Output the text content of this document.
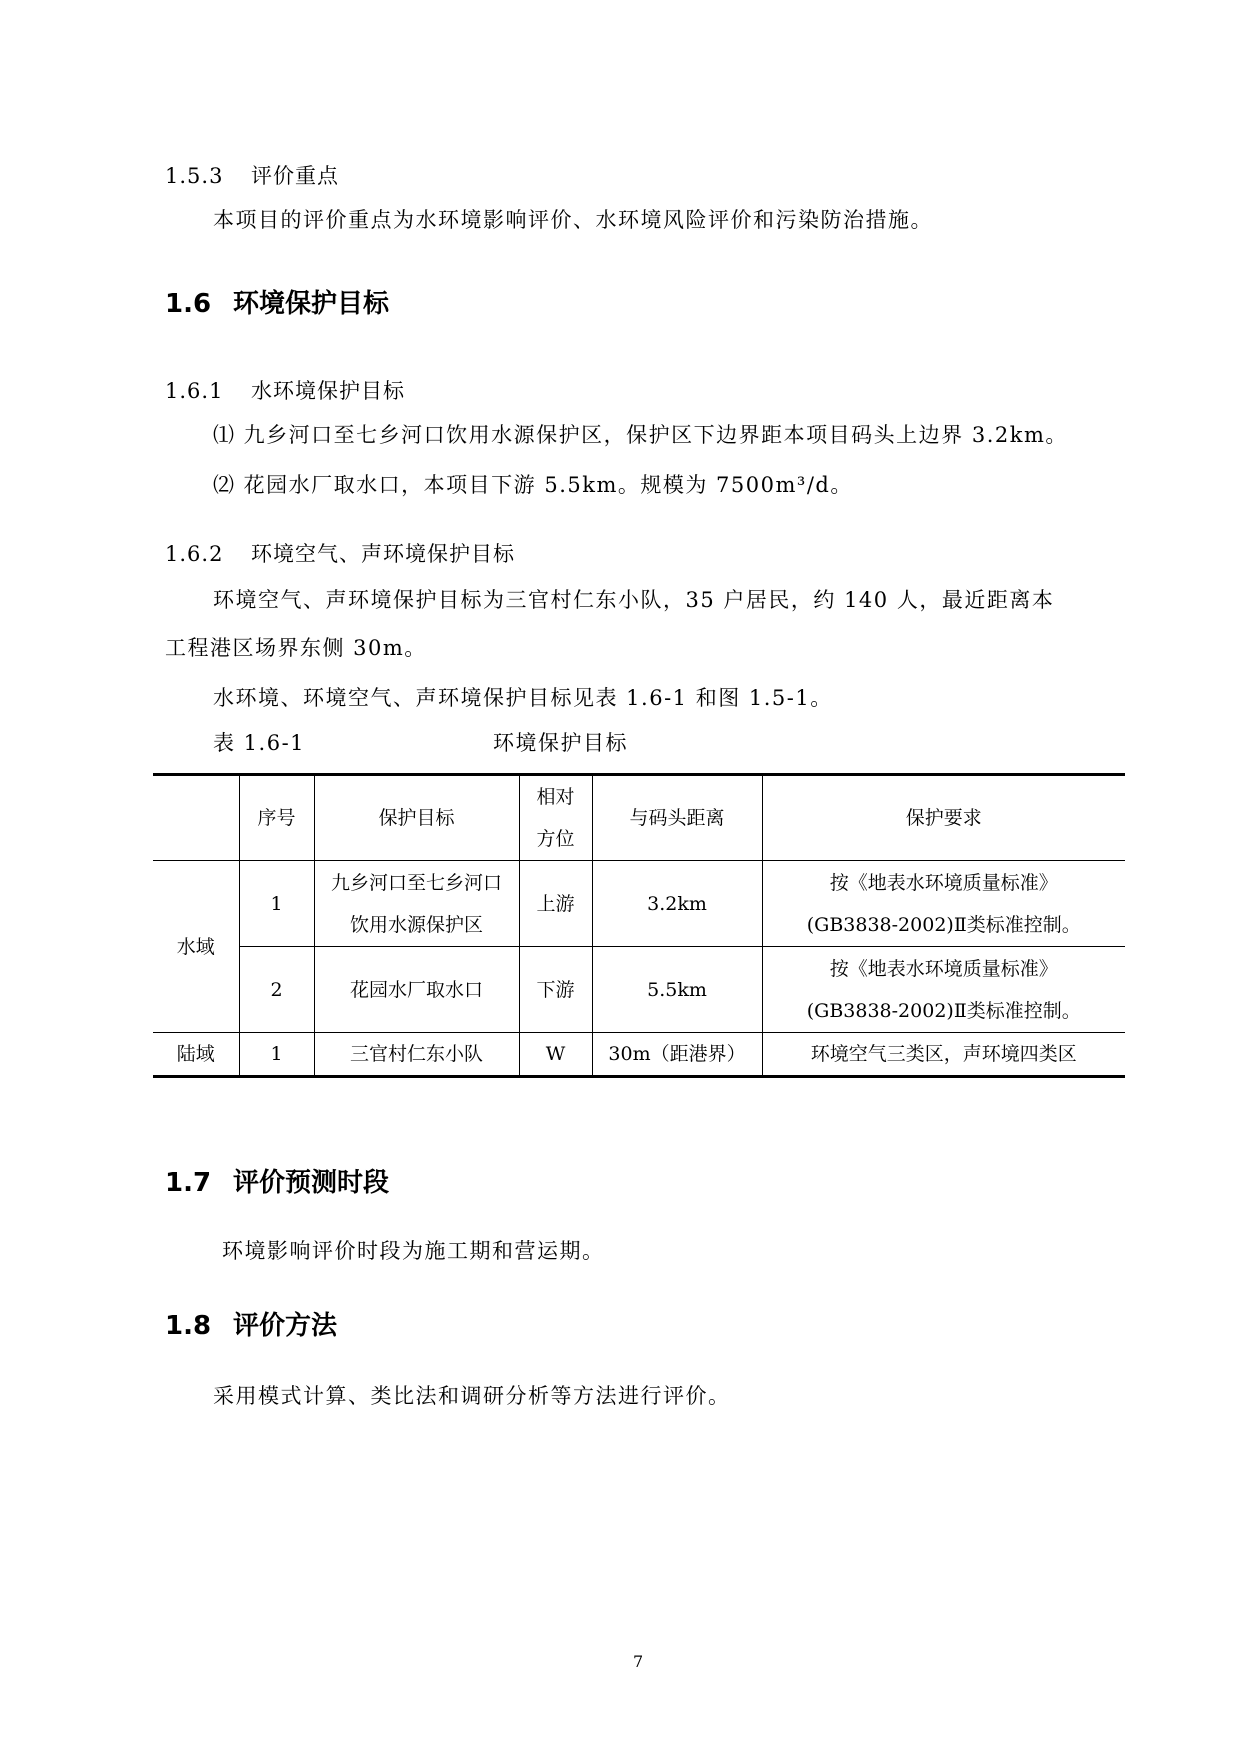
1.5.3 评价重点
本项目的评价重点为水环境影响评价、水环境风险评价和污染防治措施。
1.6 环境保护目标
1.6.1 水环境保护目标
⑴ 九乡河口至七乡河口饮用水源保护区，保护区下边界距本项目码头上边界 3.2km。
⑵ 花园水厂取水口，本项目下游 5.5km。规模为 7500m³/d。
1.6.2 环境空气、声环境保护目标
环境空气、声环境保护目标为三官村仁东小队，35 户居民，约 140 人，最近距离本
工程港区场界东侧 30m。
水环境、环境空气、声环境保护目标见表 1.6-1 和图 1.5-1。
表 1.6-1	环境保护目标
	序号	保护目标	相对方位	与码头距离	保护要求
水域	1	九乡河口至七乡河口饮用水源保护区	上游	3.2km	按《地表水环境质量标准》(GB3838-2002)Ⅱ类标准控制。
	2	花园水厂取水口	下游	5.5km	按《地表水环境质量标准》(GB3838-2002)Ⅱ类标准控制。
陆域	1	三官村仁东小队	W	30m（距港界）	环境空气三类区，声环境四类区
1.7 评价预测时段
环境影响评价时段为施工期和营运期。
1.8 评价方法
采用模式计算、类比法和调研分析等方法进行评价。
7
